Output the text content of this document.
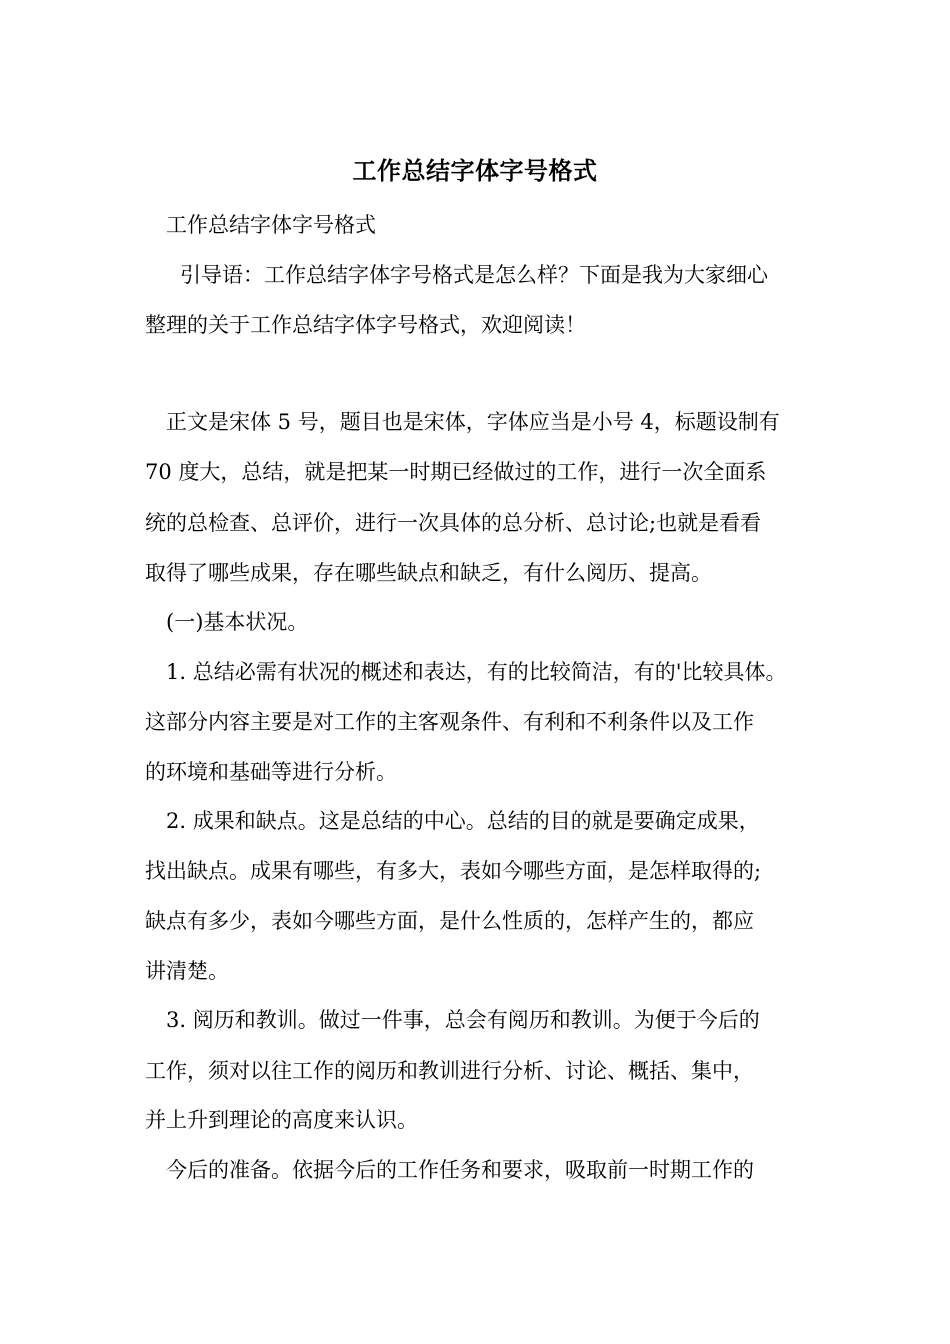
工作总结字体字号格式
工作总结字体字号格式
引导语：工作总结字体字号格式是怎么样？下面是我为大家细心
整理的关于工作总结字体字号格式，欢迎阅读！
正文是宋体 5 号，题目也是宋体，字体应当是小号 4，标题设制有
70 度大，总结，就是把某一时期已经做过的工作，进行一次全面系
统的总检查、总评价，进行一次具体的总分析、总讨论;也就是看看
取得了哪些成果，存在哪些缺点和缺乏，有什么阅历、提高。
(一)基本状况。
1. 总结必需有状况的概述和表达，有的比较简洁，有的'比较具体。
这部分内容主要是对工作的主客观条件、有利和不利条件以及工作
的环境和基础等进行分析。
2. 成果和缺点。这是总结的中心。总结的目的就是要确定成果，
找出缺点。成果有哪些，有多大，表如今哪些方面，是怎样取得的;
缺点有多少，表如今哪些方面，是什么性质的，怎样产生的，都应
讲清楚。
3. 阅历和教训。做过一件事，总会有阅历和教训。为便于今后的
工作，须对以往工作的阅历和教训进行分析、讨论、概括、集中，
并上升到理论的高度来认识。
今后的准备。依据今后的工作任务和要求，吸取前一时期工作的
